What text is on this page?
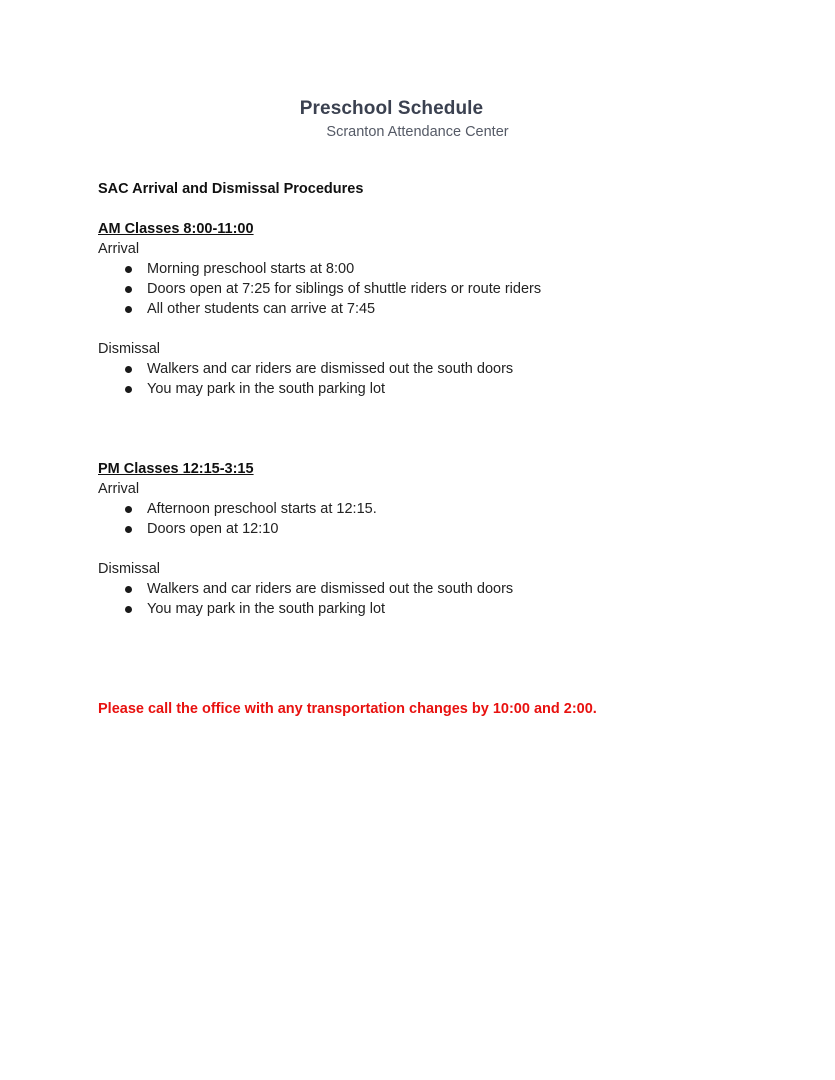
Preschool Schedule
Scranton Attendance Center
SAC Arrival and Dismissal Procedures
AM Classes 8:00-11:00
Arrival
Morning preschool starts at 8:00
Doors open at 7:25 for siblings of shuttle riders or route riders
All other students can arrive at 7:45
Dismissal
Walkers and car riders are dismissed out the south doors
You may park in the south parking lot
PM Classes 12:15-3:15
Arrival
Afternoon preschool starts at 12:15.
Doors open at 12:10
Dismissal
Walkers and car riders are dismissed out the south doors
You may park in the south parking lot
Please call the office with any transportation changes by 10:00 and 2:00.
